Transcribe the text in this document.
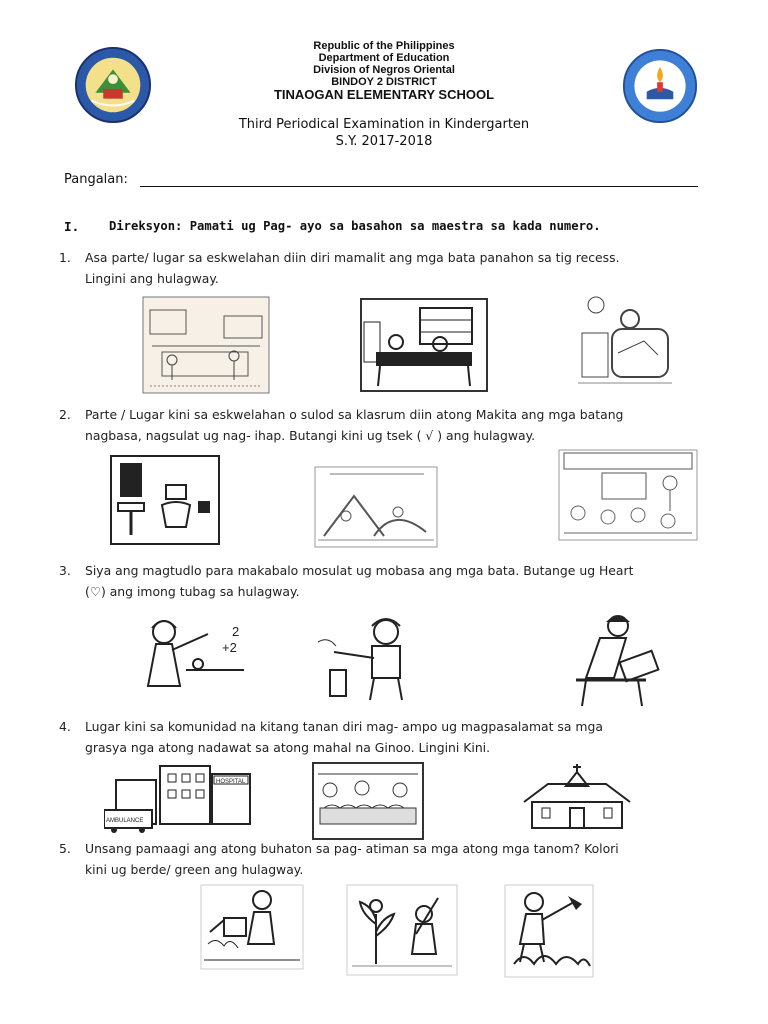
Republic of the Philippines
Department of Education
Division of Negros Oriental
BINDOY 2 DISTRICT
TINAOGAN ELEMENTARY SCHOOL
Third Periodical Examination in Kindergarten
S.Y. 2017-2018
Pangalan:
I. Direksyon: Pamati ug Pag- ayo sa basahon sa maestra sa kada numero.
1. Asa parte/ lugar sa eskwelahan diin diri mamalit ang mga bata panahon sa tig recess.
Lingini ang hulagway.
2. Parte / Lugar kini sa eskwelahan o sulod sa klasrum diin atong Makita ang mga batang
nagbasa, nagsulat ug nag- ihap. Butangi kini ug tsek ( √ ) ang hulagway.
3. Siya ang magtudlo para makabalo mosulat ug mobasa ang mga bata. Butange ug Heart
(♡) ang imong tubag sa hulagway.
2
+2
4. Lugar kini sa komunidad na kitang tanan diri mag- ampo ug magpasalamat sa mga
grasya nga atong nadawat sa atong mahal na Ginoo. Lingini Kini.
HOSPITAL
AMBULANCE
5. Unsang pamaagi ang atong buhaton sa pag- atiman sa mga atong mga tanom? Kolori
kini ug berde/ green ang hulagway.
